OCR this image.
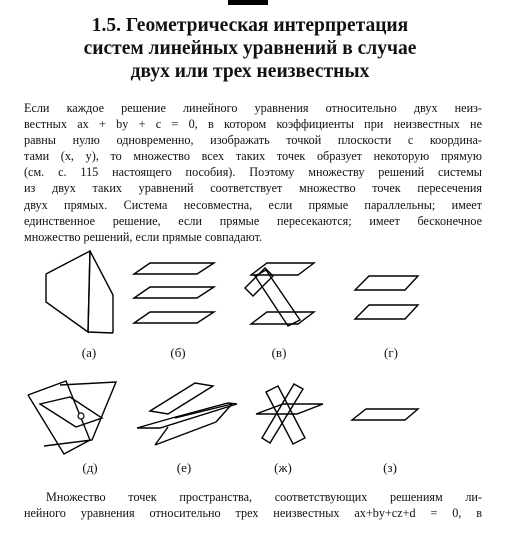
1.5. Геометрическая интерпретация
систем линейных уравнений в случае
двух или трех неизвестных
Если каждое решение линейного уравнения относительно двух неиз-
вестных ax + by + c = 0, в котором коэффициенты при неизвестных не
равны нулю одновременно, изображать точкой плоскости с координа-
тами (x, y), то множество всех таких точек образует некоторую прямую
(см. с. 115 настоящего пособия). Поэтому множеству решений системы
из двух таких уравнений соответствует множество точек пересечения
двух прямых. Система несовместна, если прямые параллельны; имеет
единственное решение, если прямые пересекаются; имеет бесконечное
множество решений, если прямые совпадают.
(а)	(б)	(в)	(г)
(д)	(е)	(ж)	(з)
Множество точек пространства, соответствующих решениям ли-
нейного уравнения относительно трех неизвестных ax+by+cz+d = 0, в
